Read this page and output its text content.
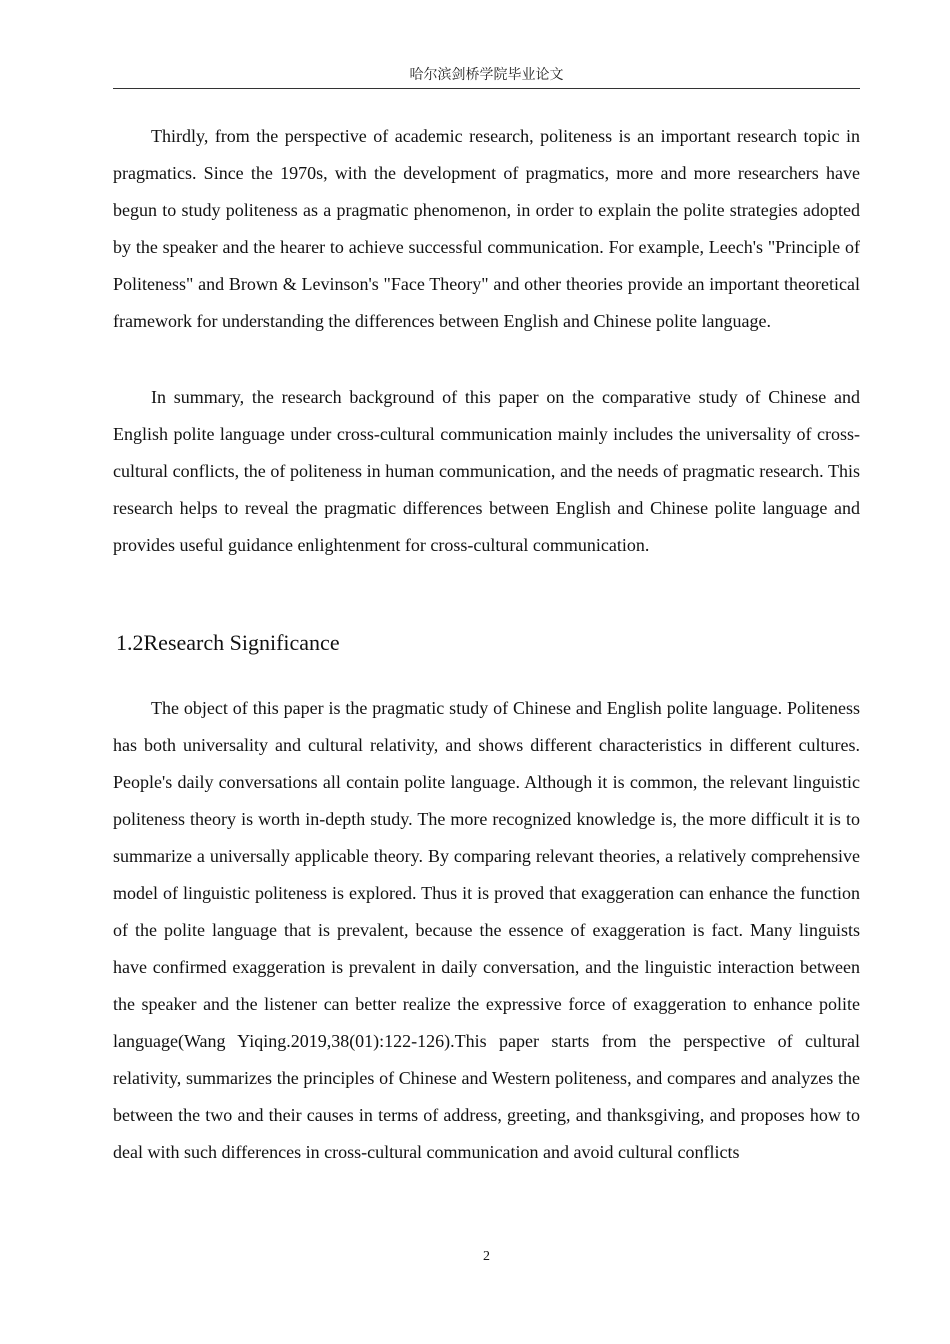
哈尔滨剑桥学院毕业论文

Thirdly, from the perspective of academic research, politeness is an important research topic in pragmatics. Since the 1970s, with the development of pragmatics, more and more researchers have begun to study politeness as a pragmatic phenomenon, in order to explain the polite strategies adopted by the speaker and the hearer to achieve successful communication. For example, Leech's "Principle of Politeness" and Brown & Levinson's "Face Theory" and other theories provide an important theoretical framework for understanding the differences between English and Chinese polite language.

In summary, the research background of this paper on the comparative study of Chinese and English polite language under cross-cultural communication mainly includes the universality of cross-cultural conflicts, the of politeness in human communication, and the needs of pragmatic research. This research helps to reveal the pragmatic differences between English and Chinese polite language and provides useful guidance enlightenment for cross-cultural communication.

1.2Research Significance

The object of this paper is the pragmatic study of Chinese and English polite language. Politeness has both universality and cultural relativity, and shows different characteristics in different cultures. People's daily conversations all contain polite language. Although it is common, the relevant linguistic politeness theory is worth in-depth study. The more recognized knowledge is, the more difficult it is to summarize a universally applicable theory. By comparing relevant theories, a relatively comprehensive model of linguistic politeness is explored. Thus it is proved that exaggeration can enhance the function of the polite language that is prevalent, because the essence of exaggeration is fact. Many linguists have confirmed exaggeration is prevalent in daily conversation, and the linguistic interaction between the speaker and the listener can better realize the expressive force of exaggeration to enhance polite language(Wang Yiqing.2019,38(01):122-126).This paper starts from the perspective of cultural relativity, summarizes the principles of Chinese and Western politeness, and compares and analyzes the between the two and their causes in terms of address, greeting, and thanksgiving, and proposes how to deal with such differences in cross-cultural communication and avoid cultural conflicts

2
